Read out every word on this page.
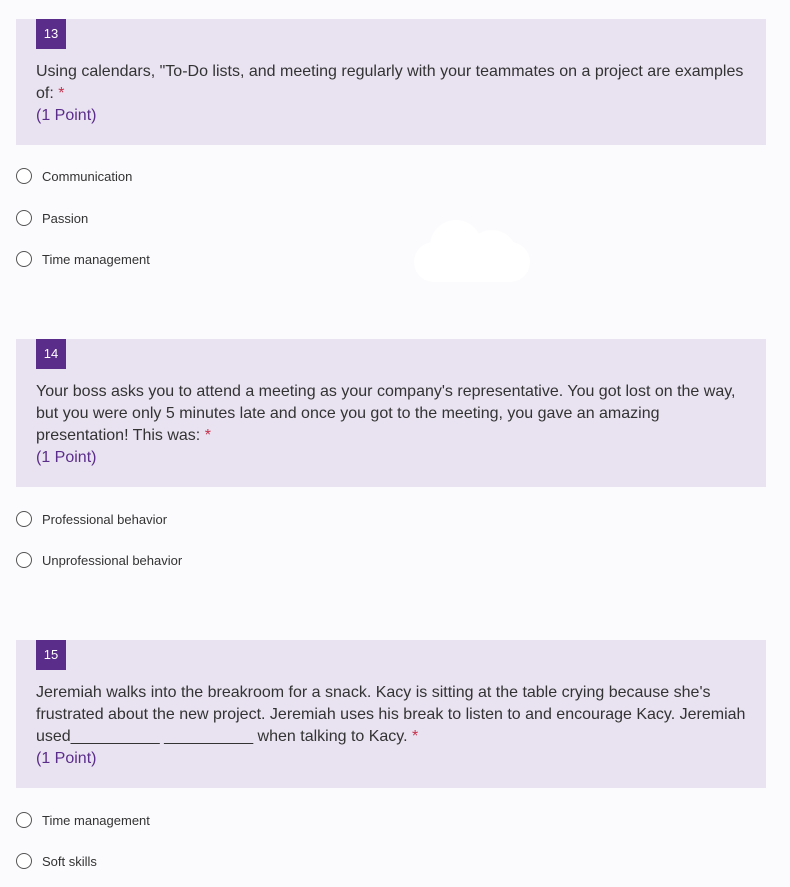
13
Using calendars, "To-Do lists, and meeting regularly with your teammates on a project are examples of: *
(1 Point)
Communication
Passion
Time management
14
Your boss asks you to attend a meeting as your company's representative. You got lost on the way, but you were only 5 minutes late and once you got to the meeting, you gave an amazing presentation! This was: *
(1 Point)
Professional behavior
Unprofessional behavior
15
Jeremiah walks into the breakroom for a snack. Kacy is sitting at the table crying because she's frustrated about the new project. Jeremiah uses his break to listen to and encourage Kacy. Jeremiah used__________ __________ when talking to Kacy. *
(1 Point)
Time management
Soft skills
